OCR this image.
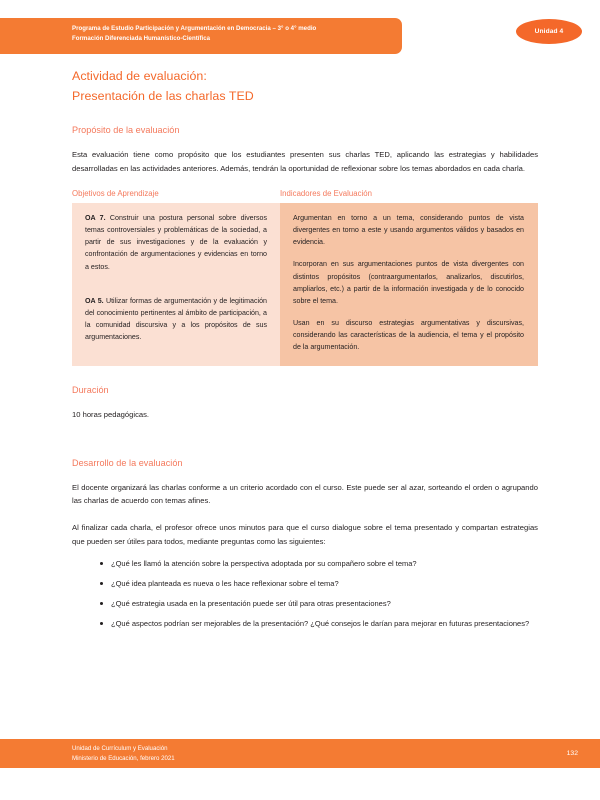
Programa de Estudio Participación y Argumentación en Democracia – 3° o 4° medio
Formación Diferenciada Humanístico-Científica
Unidad 4
Actividad de evaluación:
Presentación de las charlas TED
Propósito de la evaluación

Esta evaluación tiene como propósito que los estudiantes presenten sus charlas TED, aplicando las estrategias y habilidades desarrolladas en las actividades anteriores. Además, tendrán la oportunidad de reflexionar sobre los temas abordados en cada charla.

Objetivos de Aprendizaje	Indicadores de Evaluación

OA 7. Construir una postura personal sobre diversos temas controversiales y problemáticas de la sociedad, a partir de sus investigaciones y de la evaluación y confrontación de argumentaciones y evidencias en torno a estos.

OA 5. Utilizar formas de argumentación y de legitimación del conocimiento pertinentes al ámbito de participación, a la comunidad discursiva y a los propósitos de sus argumentaciones.

Argumentan en torno a un tema, considerando puntos de vista divergentes en torno a este y usando argumentos válidos y basados en evidencia.

Incorporan en sus argumentaciones puntos de vista divergentes con distintos propósitos (contraargumentarlos, analizarlos, discutirlos, ampliarlos, etc.) a partir de la información investigada y de lo conocido sobre el tema.

Usan en su discurso estrategias argumentativas y discursivas, considerando las características de la audiencia, el tema y el propósito de la argumentación.

Duración

10 horas pedagógicas.

Desarrollo de la evaluación

El docente organizará las charlas conforme a un criterio acordado con el curso. Este puede ser al azar, sorteando el orden o agrupando las charlas de acuerdo con temas afines.

Al finalizar cada charla, el profesor ofrece unos minutos para que el curso dialogue sobre el tema presentado y compartan estrategias que pueden ser útiles para todos, mediante preguntas como las siguientes:

¿Qué les llamó la atención sobre la perspectiva adoptada por su compañero sobre el tema?
¿Qué idea planteada es nueva o les hace reflexionar sobre el tema?
¿Qué estrategia usada en la presentación puede ser útil para otras presentaciones?
¿Qué aspectos podrían ser mejorables de la presentación? ¿Qué consejos le darían para mejorar en futuras presentaciones?
Unidad de Currículum y Evaluación
Ministerio de Educación, febrero 2021
132
